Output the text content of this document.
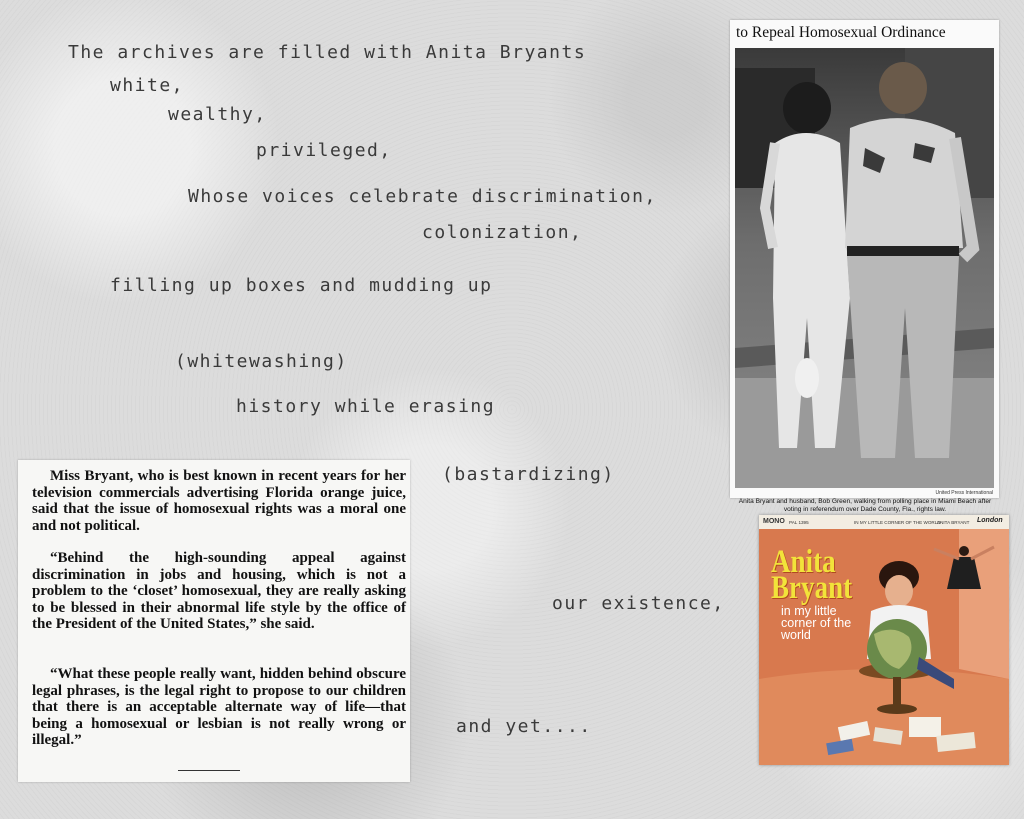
The archives are filled with Anita Bryants
white,
wealthy,
privileged,
Whose voices celebrate discrimination,
colonization,
filling up boxes and mudding up
(whitewashing)
history while erasing
(bastardizing)
our existence,
and yet....
to Repeal Homosexual Ordinance
United Press International
Anita Bryant and husband, Bob Green, walking from polling place in Miami Beach after voting in referendum over Dade County, Fla., rights law.
Miss Bryant, who is best known in recent years for her television commercials advertising Florida orange juice, said that the issue of homosexual rights was a moral one and not political.
“Behind the high-sounding appeal against discrimination in jobs and housing, which is not a problem to the ‘closet’ homosexual, they are really asking to be blessed in their abnormal life style by the office of the President of the United States,” she said.
“What these people really want, hidden behind obscure legal phrases, is the legal right to propose to our children that there is an acceptable alternate way of life—that being a homosexual or lesbian is not really wrong or illegal.”
MONO PAL 1395	IN MY LITTLE CORNER OF THE WORLD
ANITA BRYANT London
Anita Bryant
in my little corner of the world
